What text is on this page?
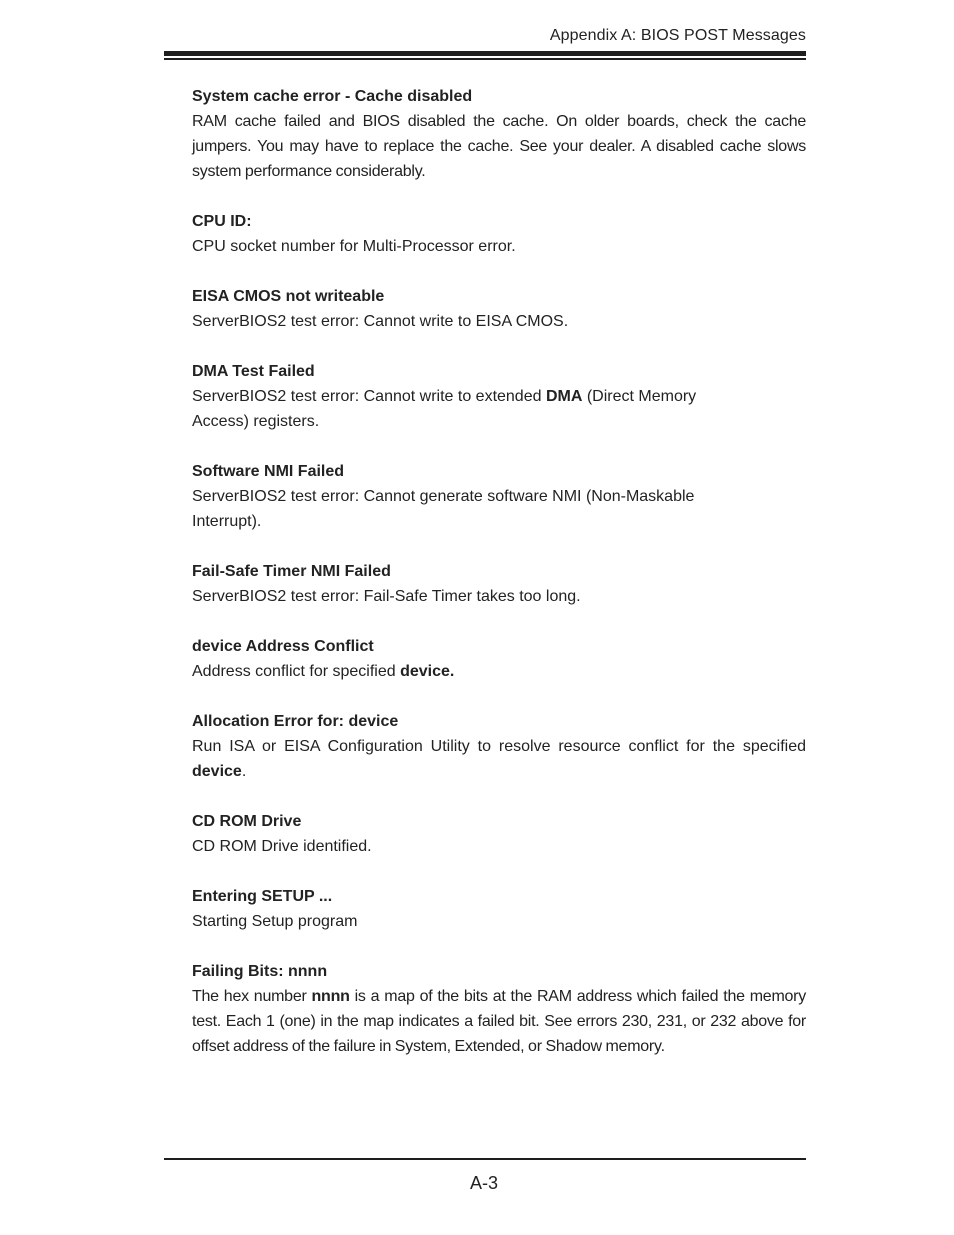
Appendix A: BIOS POST Messages
System cache error - Cache disabled
RAM cache failed and BIOS disabled the cache. On older boards, check the cache jumpers. You may have to replace the cache. See your dealer. A disabled cache slows system performance considerably.
CPU ID:
CPU socket number for Multi-Processor error.
EISA CMOS not writeable
ServerBIOS2 test error: Cannot write to EISA CMOS.
DMA Test Failed
ServerBIOS2 test error: Cannot write to extended DMA (Direct Memory Access) registers.
Software NMI Failed
ServerBIOS2 test error: Cannot generate software NMI (Non-Maskable Interrupt).
Fail-Safe Timer NMI Failed
ServerBIOS2 test error: Fail-Safe Timer takes too long.
device Address Conflict
Address conflict for specified device.
Allocation Error for: device
Run ISA or EISA Configuration Utility to resolve resource conflict for the specified device.
CD ROM Drive
CD ROM Drive identified.
Entering SETUP ...
Starting Setup program
Failing Bits: nnnn
The hex number nnnn is a map of the bits at the RAM address which failed the memory test. Each 1 (one) in the map indicates a failed bit. See errors 230, 231, or 232 above for offset address of the failure in System, Extended, or Shadow memory.
A-3
